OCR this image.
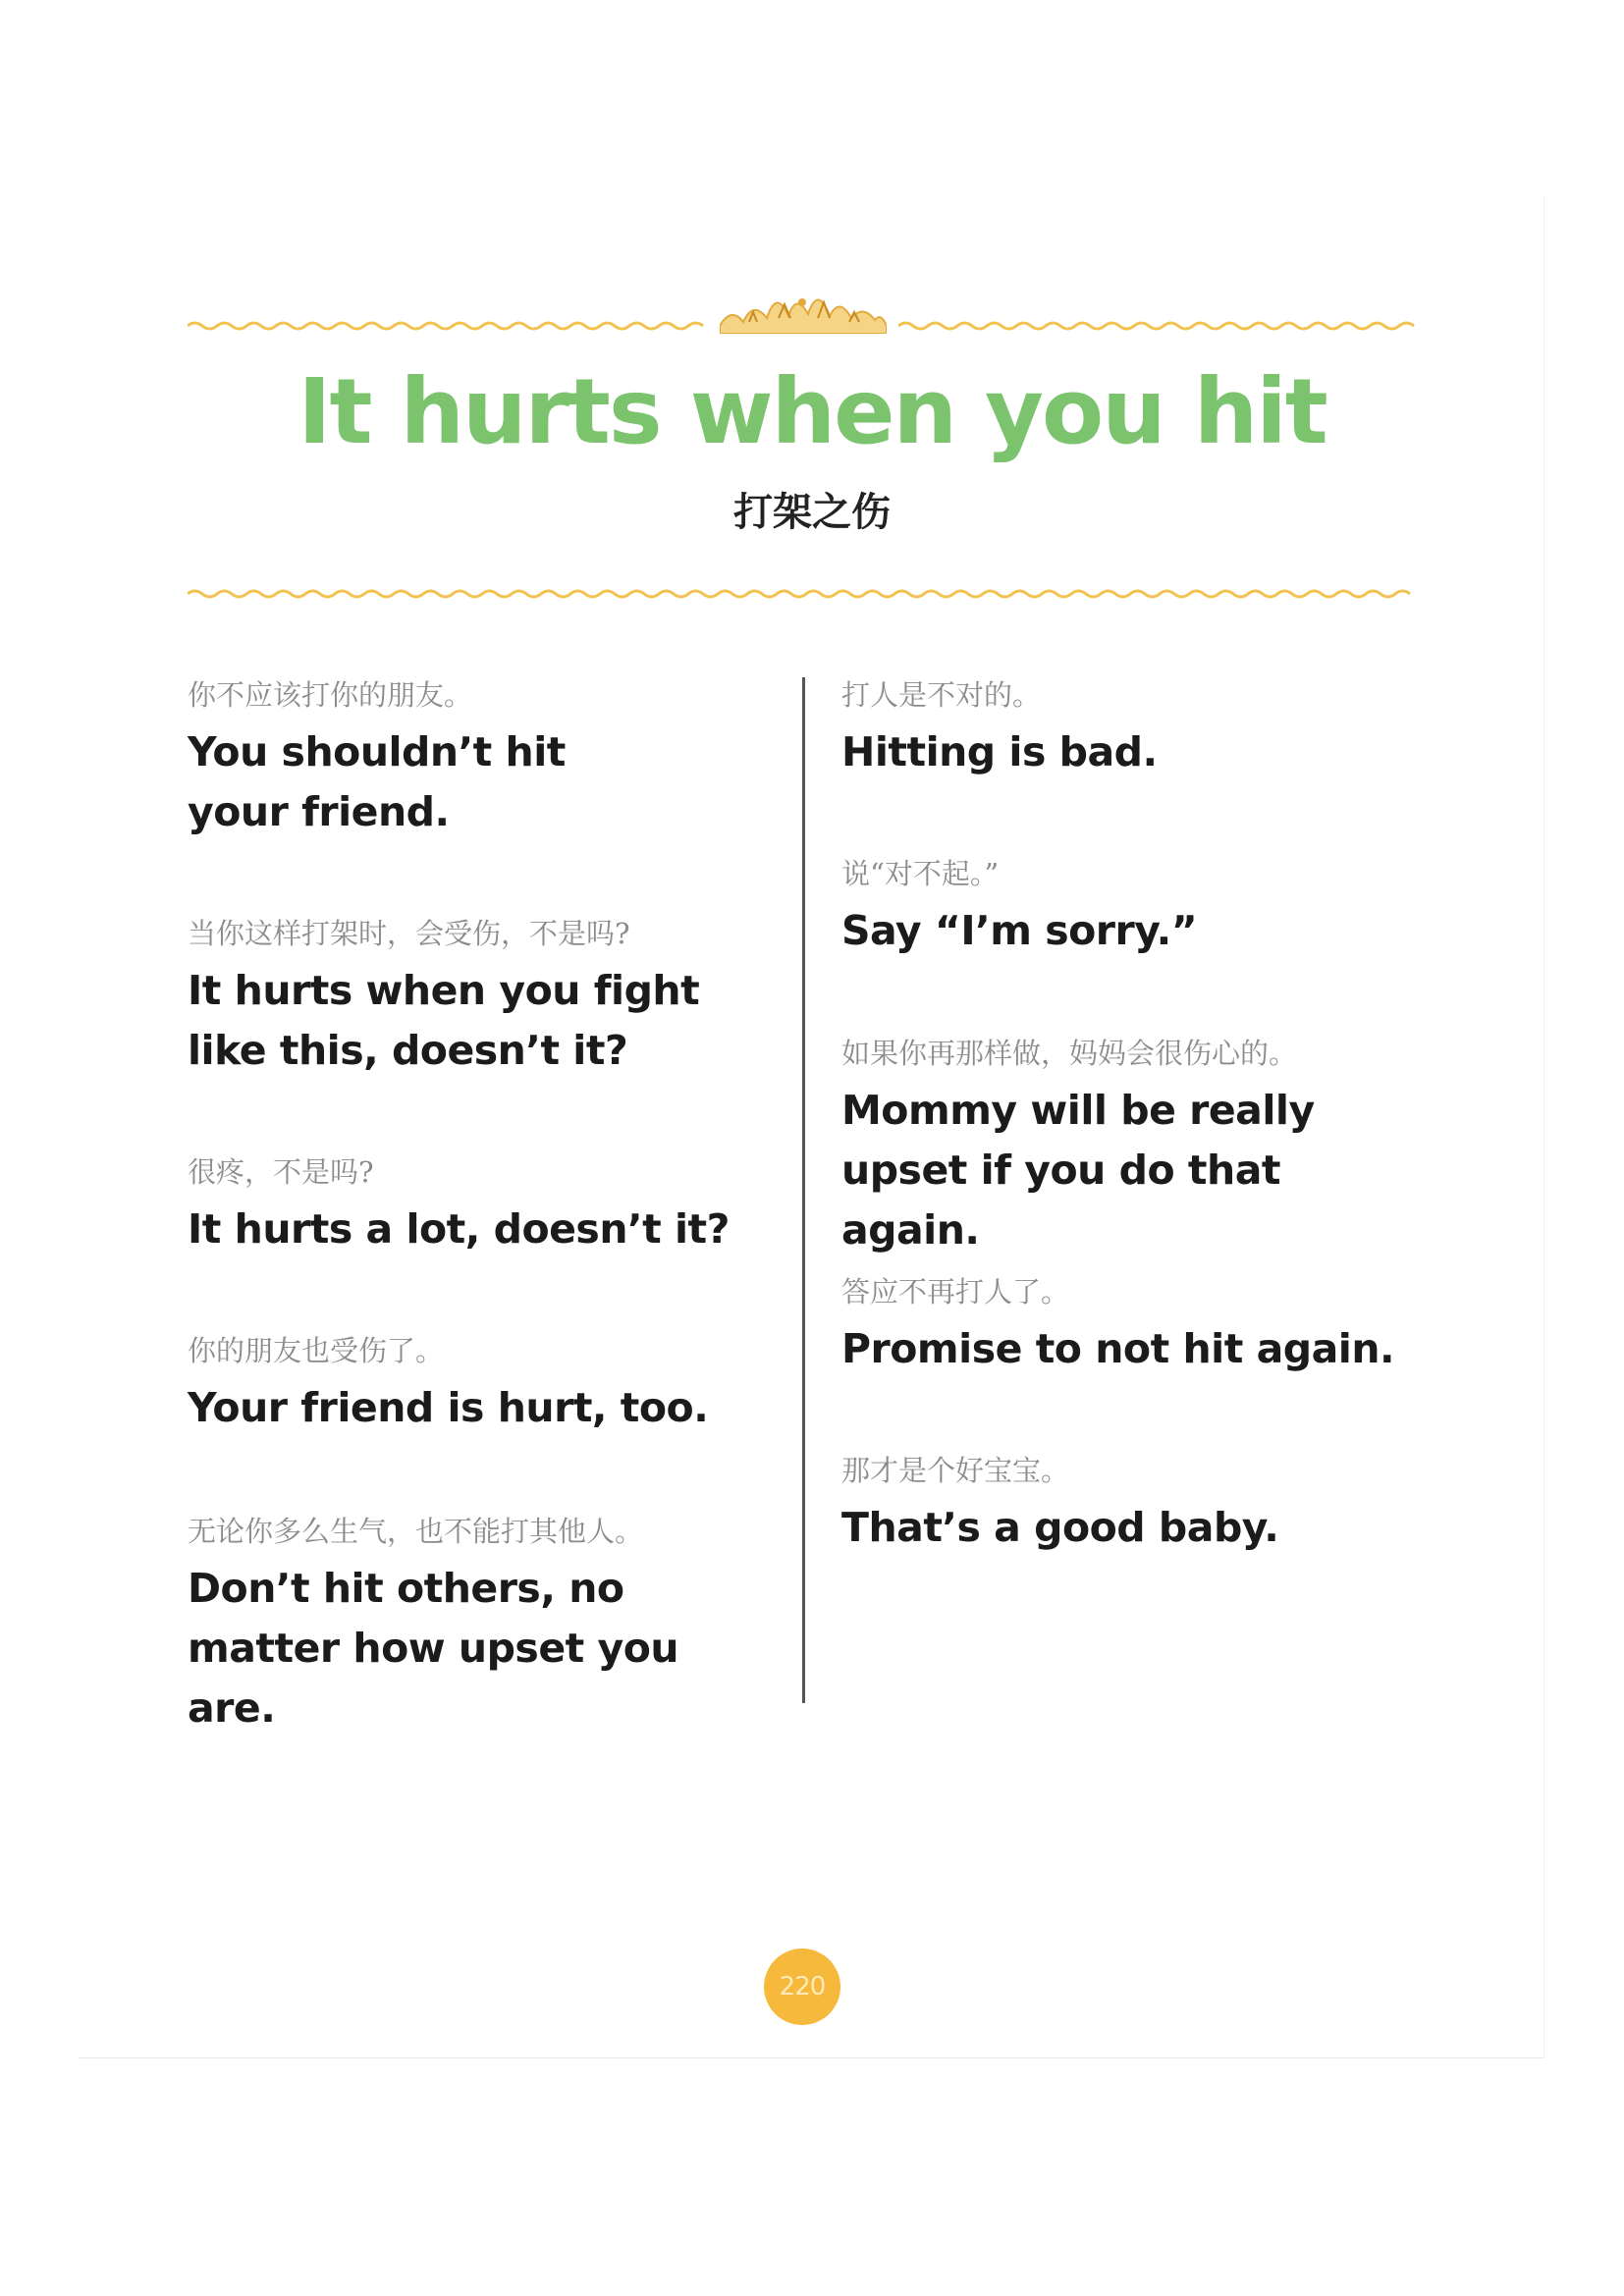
It hurts when you hit
打架之伤
你不应该打你的朋友。
You shouldn’t hit your friend.
当你这样打架时，会受伤，不是吗?
It hurts when you fight like this, doesn’t it?
很疼，不是吗?
It hurts a lot, doesn’t it?
你的朋友也受伤了。
Your friend is hurt, too.
无论你多么生气，也不能打其他人。
Don’t hit others, no matter how upset you are.
打人是不对的。
Hitting is bad.
说“对不起。”
Say “I’m sorry.”
如果你再那样做，妈妈会很伤心的。
Mommy will be really upset if you do that again.
答应不再打人了。
Promise to not hit again.
那才是个好宝宝。
That’s a good baby.
220
